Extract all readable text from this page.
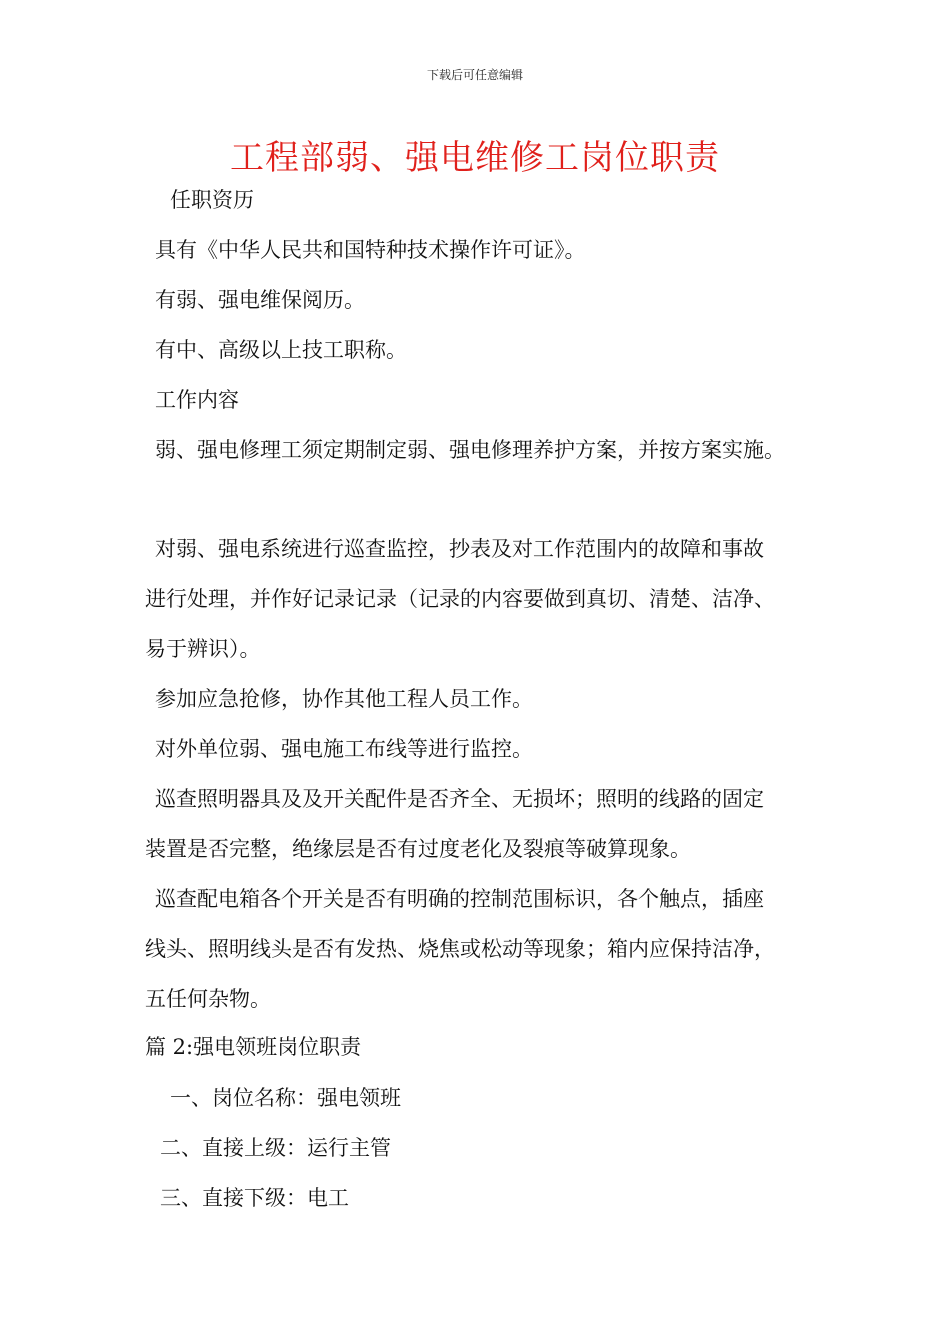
下载后可任意编辑
工程部弱、强电维修工岗位职责
任职资历
具有《中华人民共和国特种技术操作许可证》。
有弱、强电维保阅历。
有中、高级以上技工职称。
工作内容
弱、强电修理工须定期制定弱、强电修理养护方案，并按方案实施。
对弱、强电系统进行巡查监控，抄表及对工作范围内的故障和事故
进行处理，并作好记录记录（记录的内容要做到真切、清楚、洁净、
易于辨识）。
参加应急抢修，协作其他工程人员工作。
对外单位弱、强电施工布线等进行监控。
巡查照明器具及及开关配件是否齐全、无损坏；照明的线路的固定
装置是否完整，绝缘层是否有过度老化及裂痕等破算现象。
巡查配电箱各个开关是否有明确的控制范围标识，各个触点，插座
线头、照明线头是否有发热、烧焦或松动等现象；箱内应保持洁净，
五任何杂物。
篇 2:强电领班岗位职责
一、岗位名称：强电领班
二、直接上级：运行主管
三、直接下级：电工
